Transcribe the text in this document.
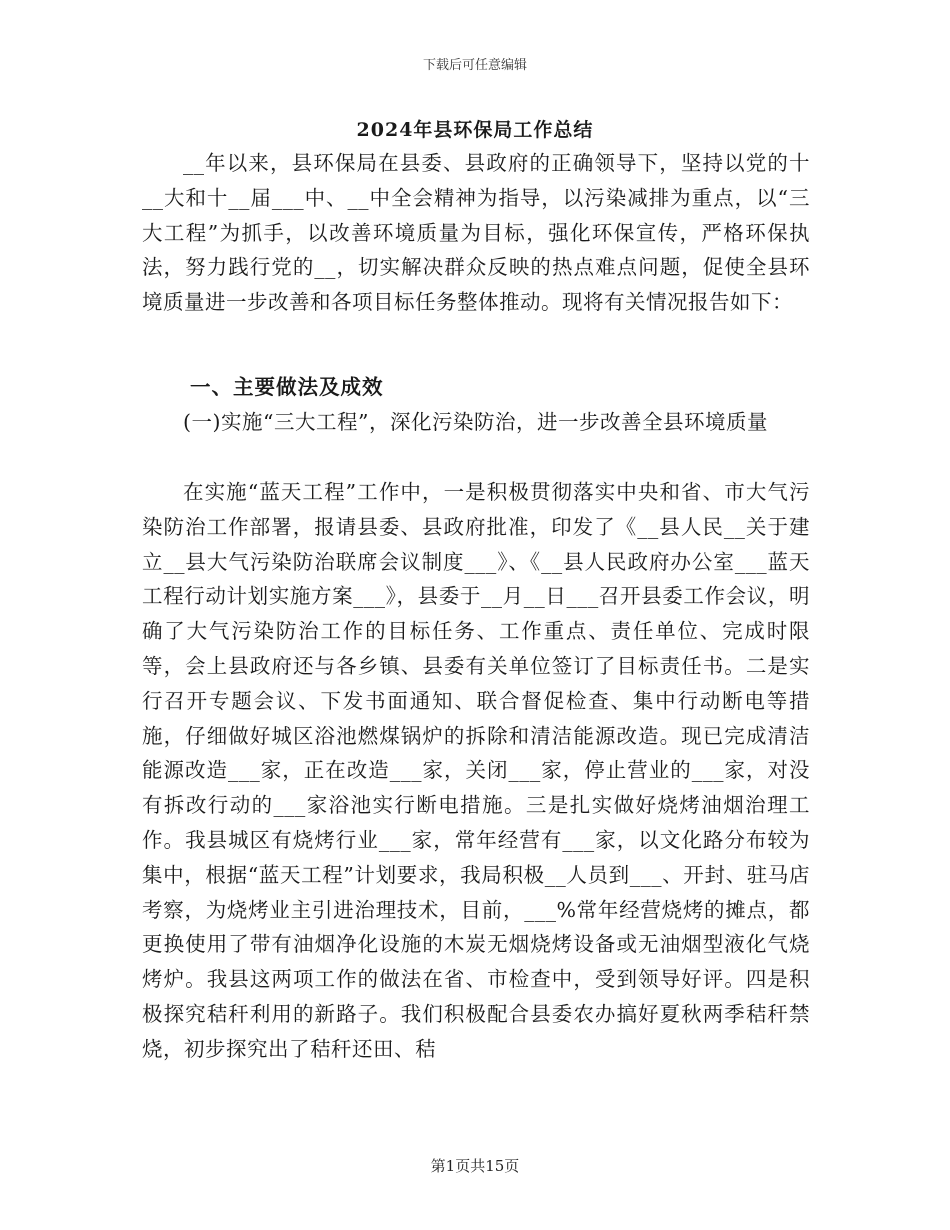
下载后可任意编辑
2024年县环保局工作总结

__年以来，县环保局在县委、县政府的正确领导下，坚持以党的十__大和十__届___中、__中全会精神为指导，以污染减排为重点，以“三大工程”为抓手，以改善环境质量为目标，强化环保宣传，严格环保执法，努力践行党的__，切实解决群众反映的热点难点问题，促使全县环境质量进一步改善和各项目标任务整体推动。现将有关情况报告如下：

一、主要做法及成效

(一)实施“三大工程”，深化污染防治，进一步改善全县环境质量

在实施“蓝天工程”工作中，一是积极贯彻落实中央和省、市大气污染防治工作部署，报请县委、县政府批准，印发了《__县人民__关于建立__县大气污染防治联席会议制度___》、《__县人民政府办公室___蓝天工程行动计划实施方案___》，县委于__月__日___召开县委工作会议，明确了大气污染防治工作的目标任务、工作重点、责任单位、完成时限等，会上县政府还与各乡镇、县委有关单位签订了目标责任书。二是实行召开专题会议、下发书面通知、联合督促检查、集中行动断电等措施，仔细做好城区浴池燃煤锅炉的拆除和清洁能源改造。现已完成清洁能源改造___家，正在改造___家，关闭___家，停止营业的___家，对没有拆改行动的___家浴池实行断电措施。三是扎实做好烧烤油烟治理工作。我县城区有烧烤行业___家，常年经营有___家，以文化路分布较为集中，根据“蓝天工程”计划要求，我局积极__人员到___、开封、驻马店考察，为烧烤业主引进治理技术，目前，___%常年经营烧烤的摊点，都更换使用了带有油烟净化设施的木炭无烟烧烤设备或无油烟型液化气烧烤炉。我县这两项工作的做法在省、市检查中，受到领导好评。四是积极探究秸秆利用的新路子。我们积极配合县委农办搞好夏秋两季秸秆禁烧，初步探究出了秸秆还田、秸

第1页共15页
